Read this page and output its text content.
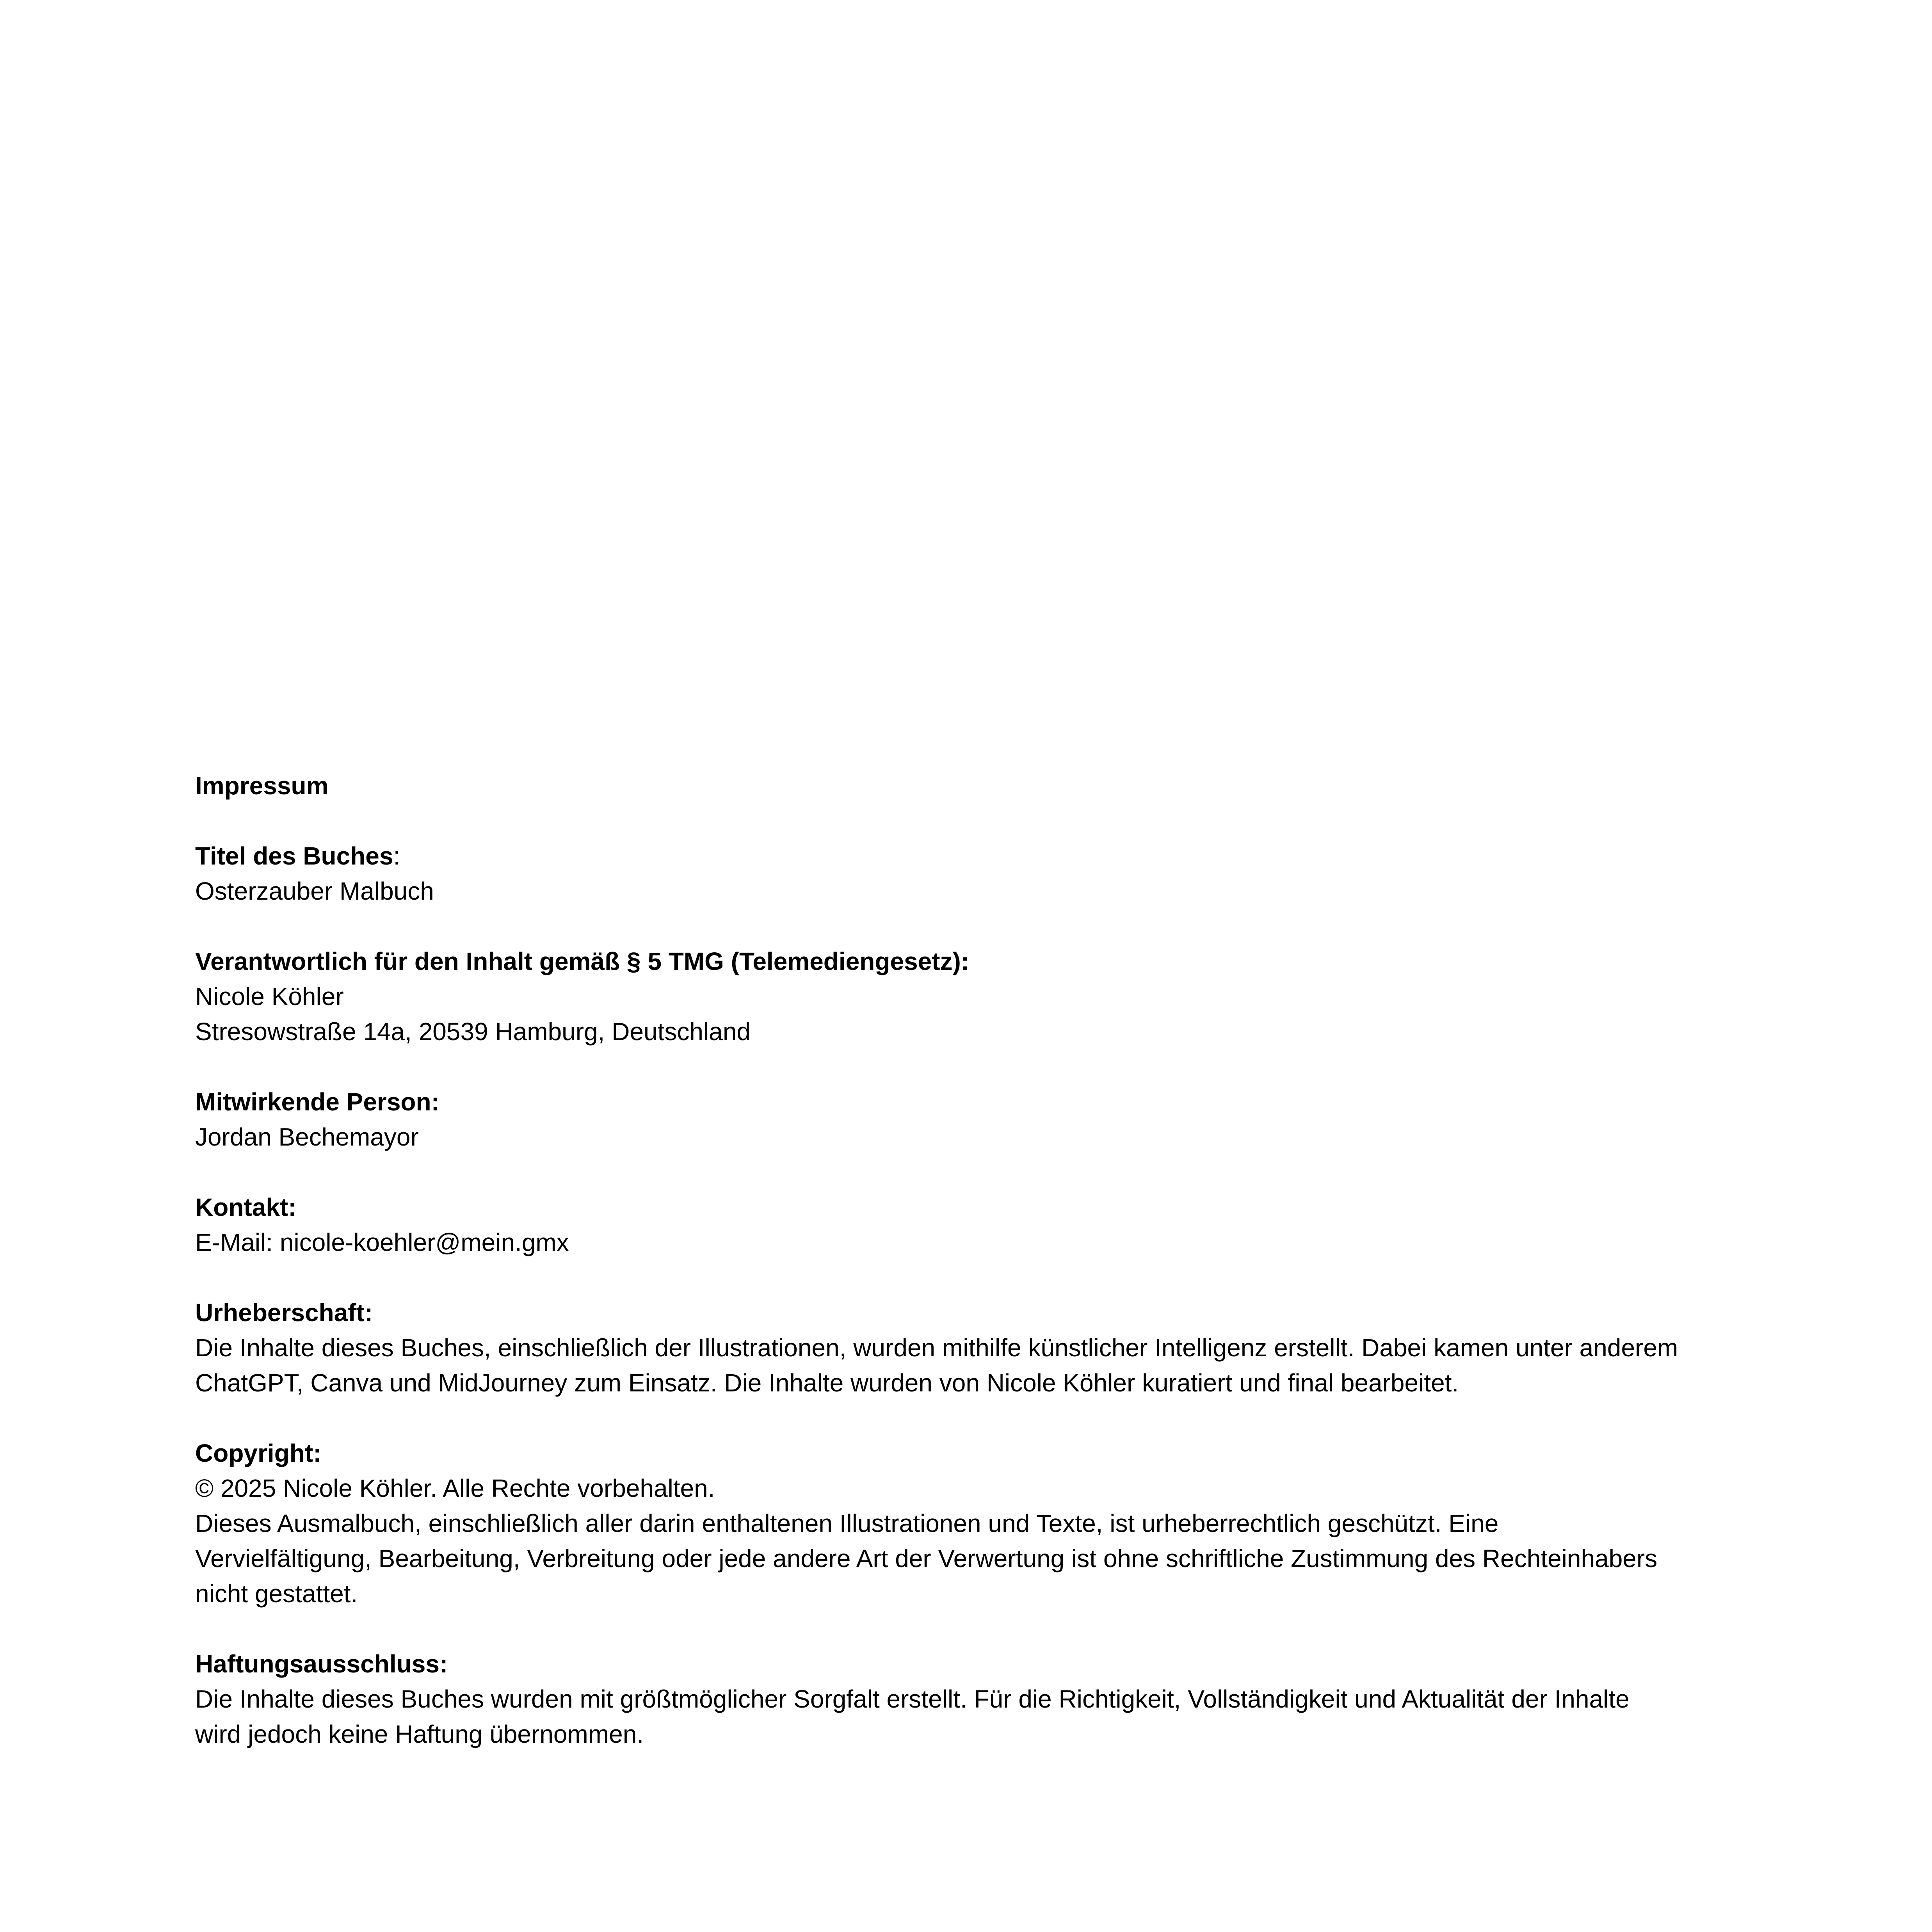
Impressum

Titel des Buches:

Osterzauber Malbuch

Verantwortlich für den Inhalt gemäß § 5 TMG (Telemediengesetz):

Nicole Köhler

Stresowstraße 14a, 20539 Hamburg, Deutschland

Mitwirkende Person:

Jordan Bechemayor

Kontakt:

E-Mail: nicole-koehler@mein.gmx

Urheberschaft:

Die Inhalte dieses Buches, einschließlich der Illustrationen, wurden mithilfe künstlicher Intelligenz erstellt. Dabei kamen unter anderem

ChatGPT, Canva und MidJourney zum Einsatz. Die Inhalte wurden von Nicole Köhler kuratiert und final bearbeitet.

Copyright:

© 2025 Nicole Köhler. Alle Rechte vorbehalten.

Dieses Ausmalbuch, einschließlich aller darin enthaltenen Illustrationen und Texte, ist urheberrechtlich geschützt. Eine

Vervielfältigung, Bearbeitung, Verbreitung oder jede andere Art der Verwertung ist ohne schriftliche Zustimmung des Rechteinhabers

nicht gestattet.

Haftungsausschluss:

Die Inhalte dieses Buches wurden mit größtmöglicher Sorgfalt erstellt. Für die Richtigkeit, Vollständigkeit und Aktualität der Inhalte

wird jedoch keine Haftung übernommen.
